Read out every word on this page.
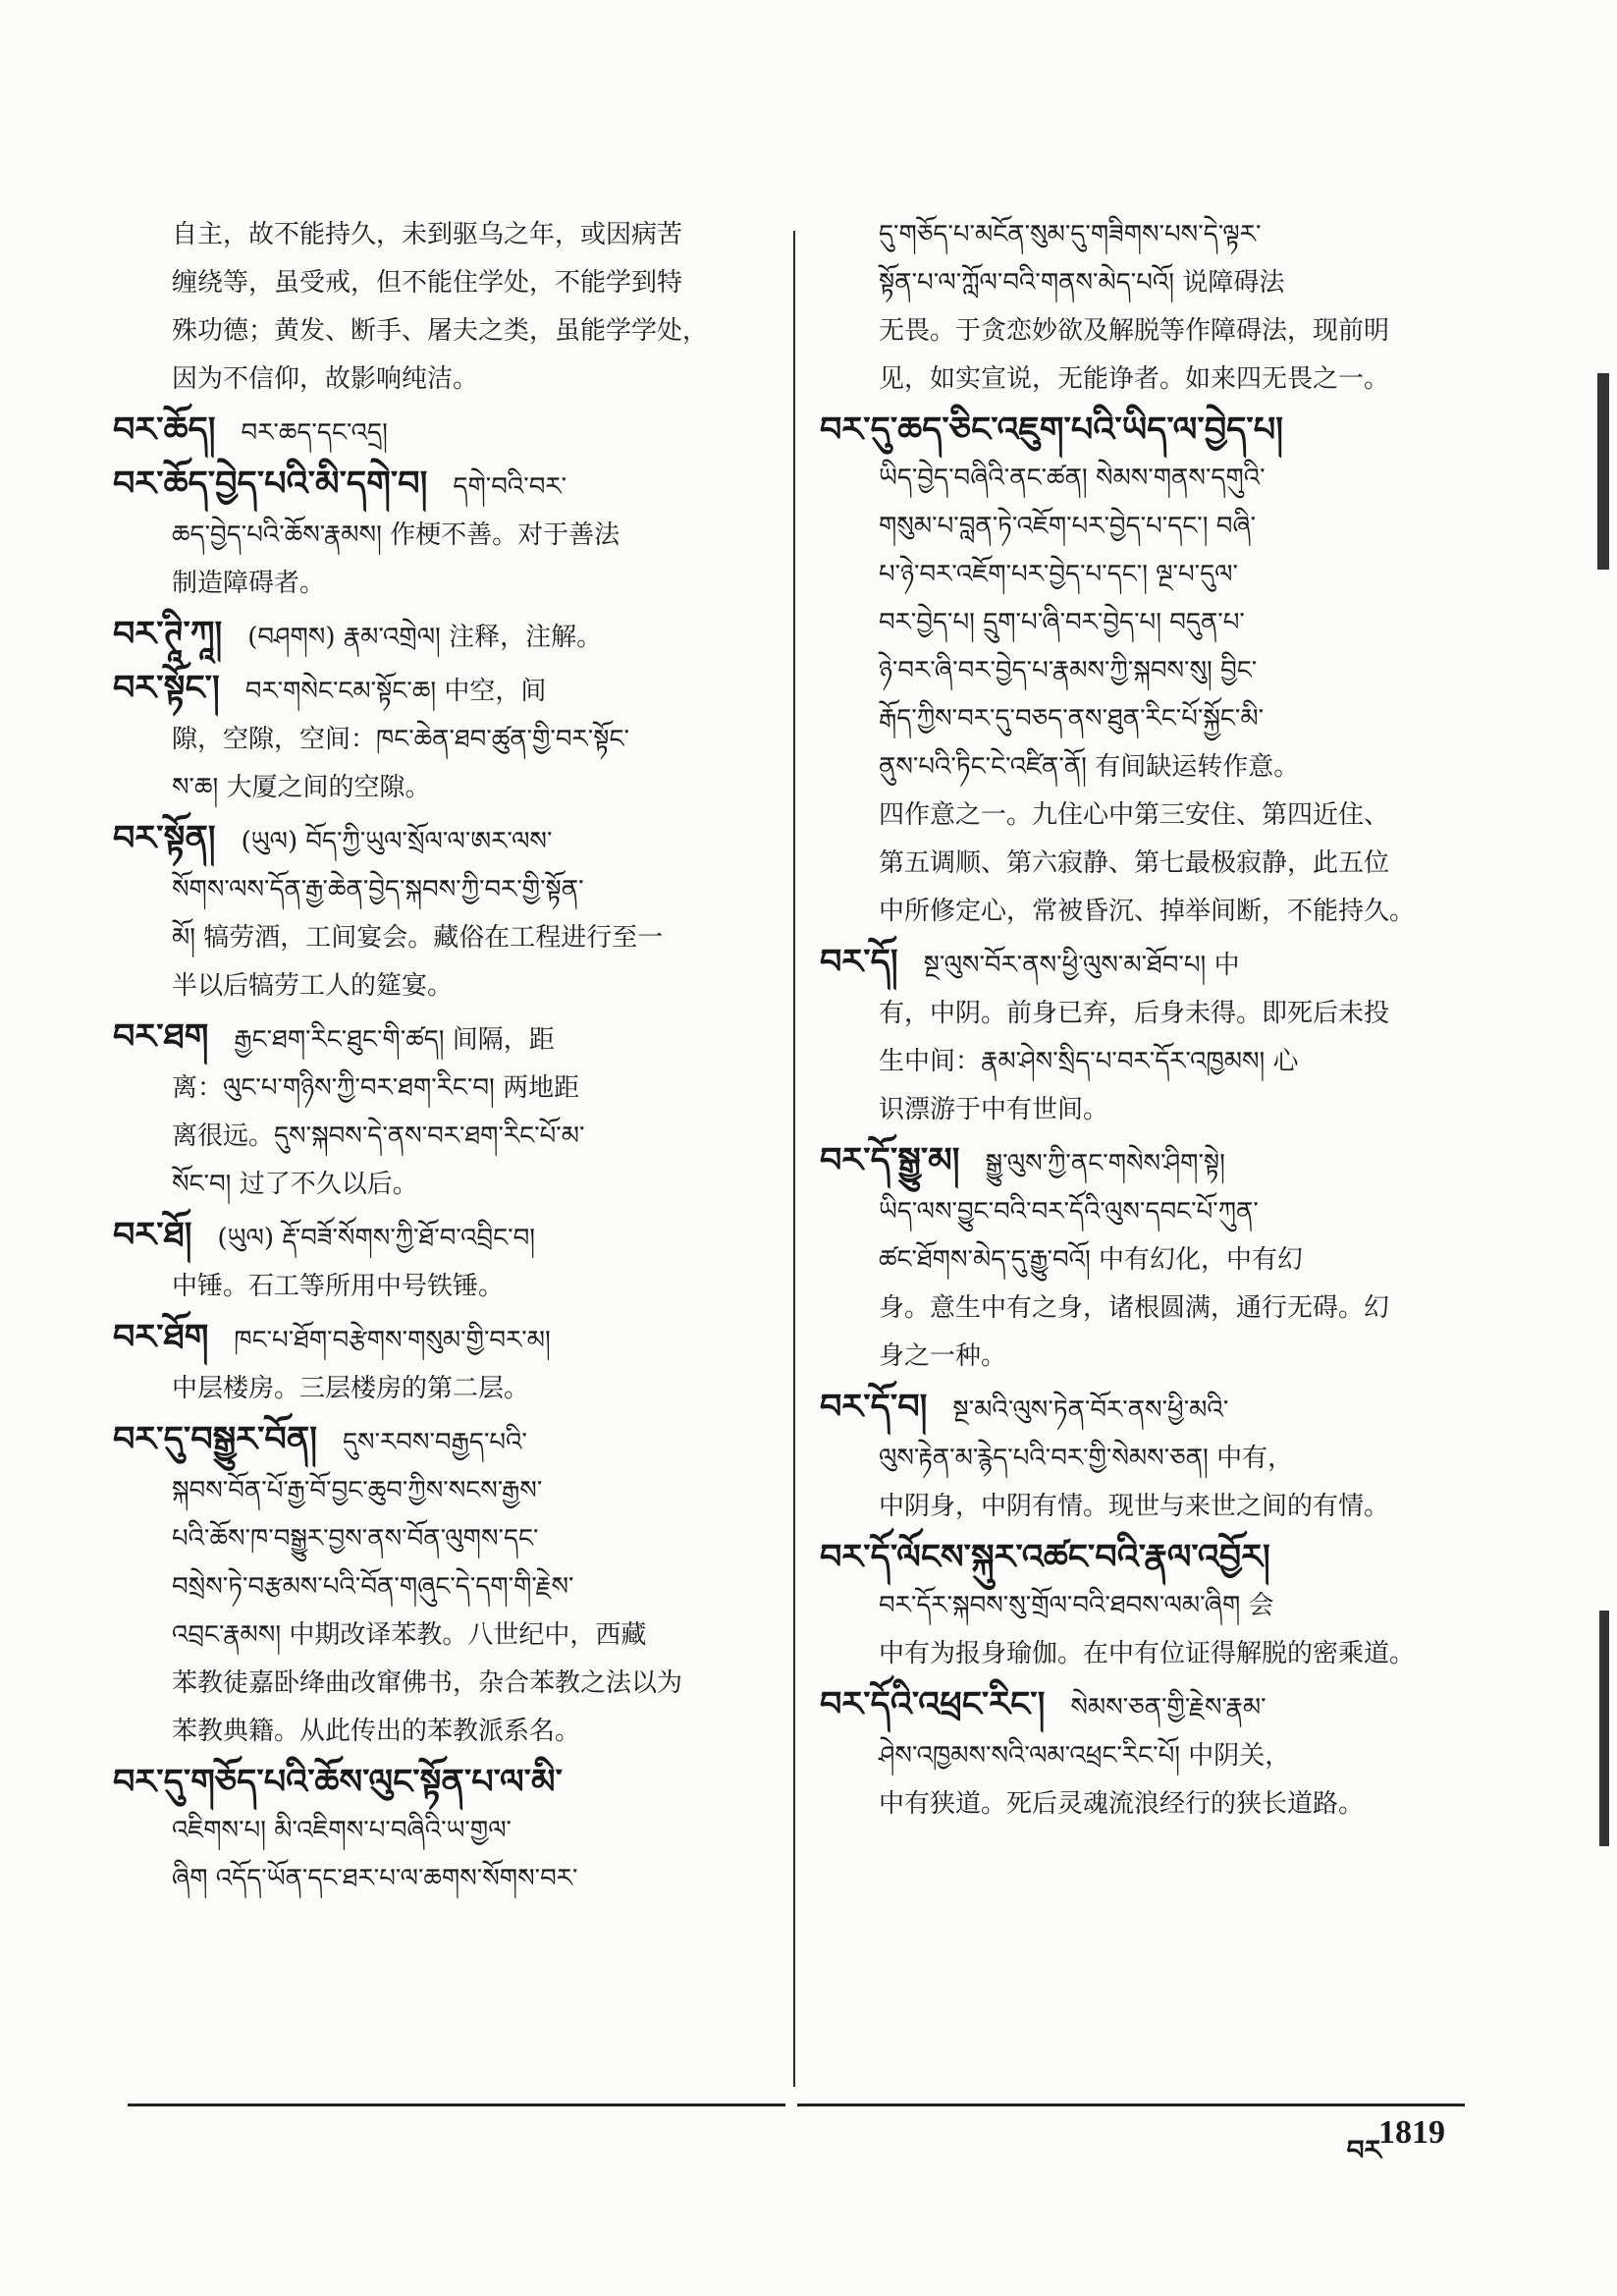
自主，故不能持久，未到驱乌之年，或因病苦

缠绕等，虽受戒，但不能住学处，不能学到特

殊功德；黄发、断手、屠夫之类，虽能学学处，

因为不信仰，故影响纯洁。

བར་ཆོད། བར་ཆད་དང་འདྲ།

བར་ཆོད་བྱེད་པའི་མི་དགེ་བ། དགེ་བའི་བར་

ཆད་བྱེད་པའི་ཆོས་རྣམས། 作梗不善。对于善法

制造障碍者。

བར་ཊཱི་ཀཱ། (བཤགས) རྣམ་འགྲེལ། 注释，注解。

བར་སྟོང་། བར་གསེང་ངམ་སྟོང་ཆ། 中空，间

隙，空隙，空间：ཁང་ཆེན་ཐབ་ཚུན་གྱི་བར་སྟོང་

ས་ཆ། 大厦之间的空隙。

བར་སྟོན། (ཡུལ) བོད་ཀྱི་ཡུལ་སྲོལ་ལ་ཨར་ལས་

སོགས་ལས་དོན་རྒྱ་ཆེན་བྱེད་སྐབས་ཀྱི་བར་གྱི་སྟོན་

མོ། 犒劳酒，工间宴会。藏俗在工程进行至一

半以后犒劳工人的筵宴。

བར་ཐག རྒྱང་ཐག་རིང་ཐུང་གི་ཚད། 间隔，距

离：ལུང་པ་གཉིས་ཀྱི་བར་ཐག་རིང་བ། 两地距

离很远。དུས་སྐབས་དེ་ནས་བར་ཐག་རིང་པོ་མ་

སོང་བ། 过了不久以后。

བར་ཐོ། (ཡུལ) རྡོ་བཟོ་སོགས་ཀྱི་ཐོ་བ་འབྲིང་བ།

中锤。石工等所用中号铁锤。

བར་ཐོག ཁང་པ་ཐོག་བརྩེགས་གསུམ་གྱི་བར་མ།

中层楼房。三层楼房的第二层。

བར་དུ་བསྒྱུར་བོན། དུས་རབས་བརྒྱད་པའི་

སྐབས་བོན་པོ་རྒྱ་བོ་བྱང་ཆུབ་ཀྱིས་སངས་རྒྱས་

པའི་ཆོས་ཁ་བསྒྱུར་བྱས་ནས་བོན་ལུགས་དང་

བསྲེས་ཏེ་བརྩམས་པའི་བོན་གཞུང་དེ་དག་གི་རྗེས་

འབྲང་རྣམས། 中期改译苯教。八世纪中，西藏

苯教徒嘉卧绛曲改窜佛书，杂合苯教之法以为

苯教典籍。从此传出的苯教派系名。

བར་དུ་གཅོད་པའི་ཆོས་ལུང་སྟོན་པ་ལ་མི་

འཇིགས་པ། མི་འཇིགས་པ་བཞིའི་ཡ་གྱལ་

ཞིག འདོད་ཡོན་དང་ཐར་པ་ལ་ཆགས་སོགས་བར་

དུ་གཅོད་པ་མངོན་སུམ་དུ་གཟིགས་པས་དེ་ལྟར་

སྟོན་པ་ལ་ཀློལ་བའི་གནས་མེད་པའོ། 说障碍法

无畏。于贪恋妙欲及解脱等作障碍法，现前明

见，如实宣说，无能诤者。如来四无畏之一。

བར་དུ་ཆད་ཅིང་འཇུག་པའི་ཡིད་ལ་བྱེད་པ།

ཡིད་བྱེད་བཞིའི་ནང་ཚན། སེམས་གནས་དགུའི་

གསུམ་པ་བླན་ཏེ་འཇོག་པར་བྱེད་པ་དང་། བཞི་

པ་ཉེ་བར་འཇོག་པར་བྱེད་པ་དང་། ལྔ་པ་དུལ་

བར་བྱེད་པ། དྲུག་པ་ཞི་བར་བྱེད་པ། བདུན་པ་

ཉེ་བར་ཞི་བར་བྱེད་པ་རྣམས་ཀྱི་སྐབས་སུ། བྱིང་

རྒོད་ཀྱིས་བར་དུ་བཅད་ནས་ཐུན་རིང་པོ་སྐྱོང་མི་

ནུས་པའི་ཏིང་ངེ་འཛིན་ནོ། 有间缺运转作意。

四作意之一。九住心中第三安住、第四近住、

第五调顺、第六寂静、第七最极寂静，此五位

中所修定心，常被昏沉、掉举间断，不能持久。

བར་དོ། སྔ་ལུས་བོར་ནས་ཕྱི་ལུས་མ་ཐོབ་པ། 中

有，中阴。前身已弃，后身未得。即死后未投

生中间：རྣམ་ཤེས་སྲིད་པ་བར་དོར་འཁྱམས། 心

识漂游于中有世间。

བར་དོ་སྒྱུ་མ། སྒྱུ་ལུས་ཀྱི་ནང་གསེས་ཤིག་སྟེ།

ཡིད་ལས་བྱུང་བའི་བར་དོའི་ལུས་དབང་པོ་ཀུན་

ཚང་ཐོགས་མེད་དུ་རྒྱུ་བའོ། 中有幻化，中有幻

身。意生中有之身，诸根圆满，通行无碍。幻

身之一种。

བར་དོ་བ། སྔ་མའི་ལུས་ཏེན་བོར་ནས་ཕྱི་མའི་

ལུས་རྟེན་མ་རྙེད་པའི་བར་གྱི་སེམས་ཅན། 中有，

中阴身，中阴有情。现世与来世之间的有情。

བར་དོ་ལོངས་སྐུར་འཚང་བའི་རྣལ་འབྱོར།

བར་དོར་སྐབས་སུ་གྲོལ་བའི་ཐབས་ལམ་ཞིག 会

中有为报身瑜伽。在中有位证得解脱的密乘道。

བར་དོའི་འཕྲང་རིང་། སེམས་ཅན་གྱི་རྗེས་རྣམ་

ཤེས་འཁྱམས་སའི་ལམ་འཕྲང་རིང་པོ། 中阴关，

中有狭道。死后灵魂流浪经行的狭长道路。

བར
1819
